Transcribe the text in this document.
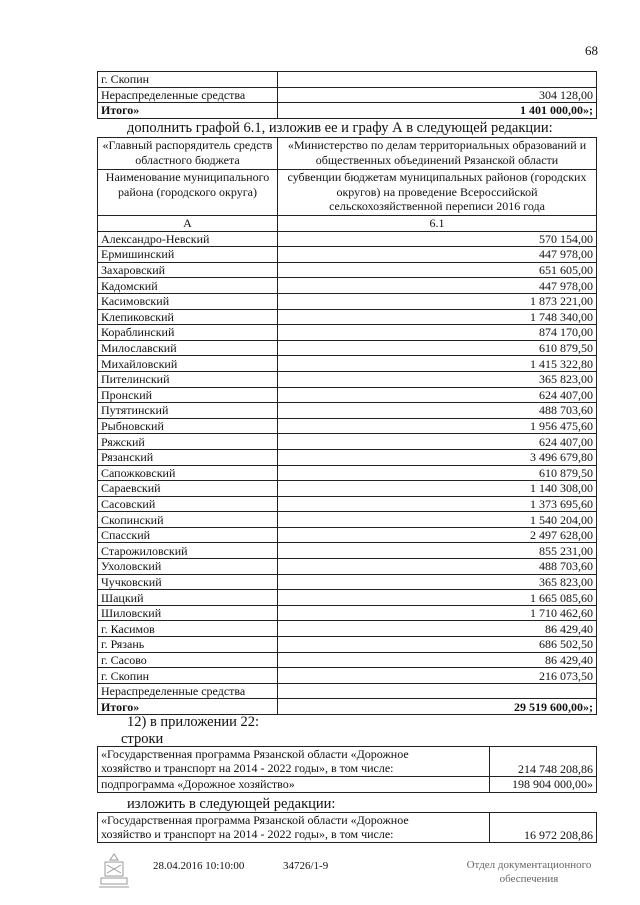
68
г. Скопин	
Нераспределенные средства	304 128,00
Итого»	1 401 000,00»;
дополнить графой 6.1, изложив ее и графу А в следующей редакции:
«Главный распорядитель средств областного бюджета	«Министерство по делам территориальных образований и общественных объединений Рязанской области
Наименование муниципального района (городского округа)	субвенции бюджетам муниципальных районов (городских округов) на проведение Всероссийской сельскохозяйственной переписи 2016 года
А	6.1
Александро-Невский	570 154,00
Ермишинский	447 978,00
Захаровский	651 605,00
Кадомский	447 978,00
Касимовский	1 873 221,00
Клепиковский	1 748 340,00
Кораблинский	874 170,00
Милославский	610 879,50
Михайловский	1 415 322,80
Пителинский	365 823,00
Пронский	624 407,00
Путятинский	488 703,60
Рыбновский	1 956 475,60
Ряжский	624 407,00
Рязанский	3 496 679,80
Сапожковский	610 879,50
Сараевский	1 140 308,00
Сасовский	1 373 695,60
Скопинский	1 540 204,00
Спасский	2 497 628,00
Старожиловский	855 231,00
Ухоловский	488 703,60
Чучковский	365 823,00
Шацкий	1 665 085,60
Шиловский	1 710 462,60
г. Касимов	86 429,40
г. Рязань	686 502,50
г. Сасово	86 429,40
г. Скопин	216 073,50
Нераспределенные средства	
Итого»	29 519 600,00»;
12) в приложении 22:
строки
«Государственная программа Рязанской области «Дорожное
хозяйство и транспорт на 2014 - 2022 годы», в том числе:	214 748 208,86
подпрограмма «Дорожное хозяйство»	198 904 000,00»
изложить в следующей редакции:
«Государственная программа Рязанской области «Дорожное
хозяйство и транспорт на 2014 - 2022 годы», в том числе:	16 972 208,86
28.04.2016 10:10:00	34726/1-9	Отдел документационного
обеспечения
